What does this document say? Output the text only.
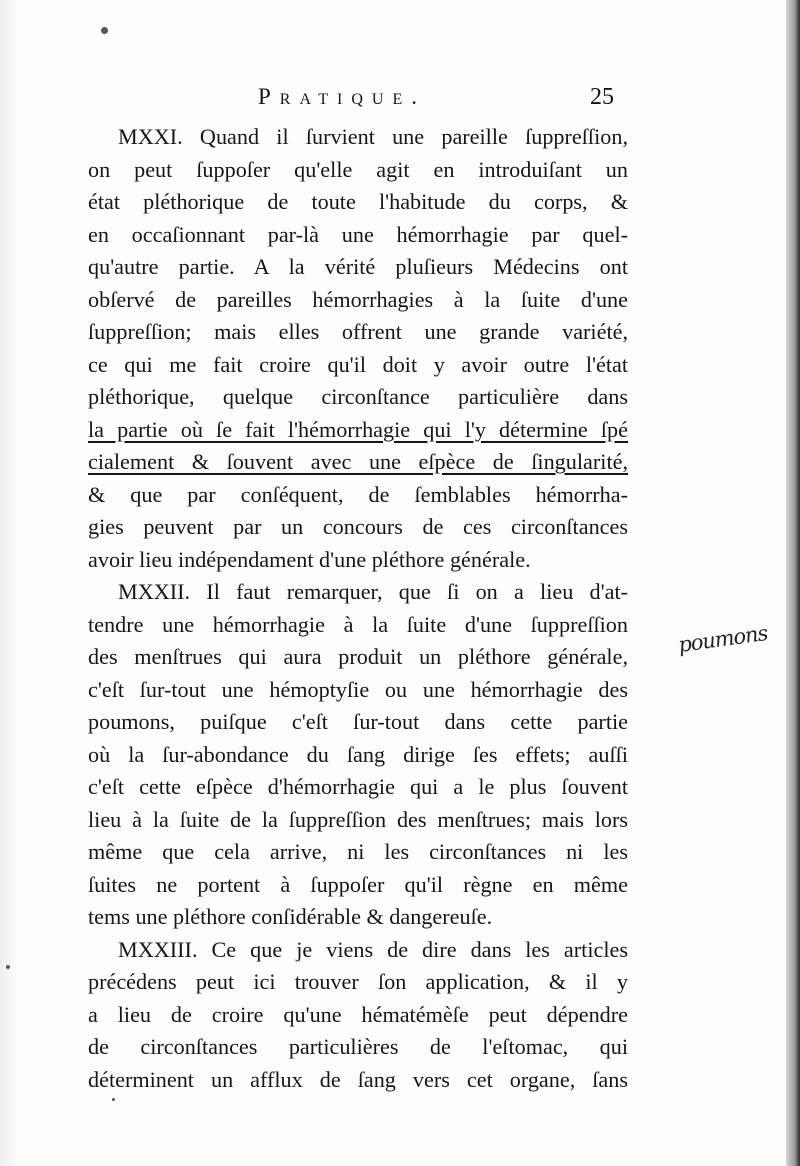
Pratique.	25
MXXI. Quand il ſurvient une pareille ſuppreſſion,
on peut ſuppoſer qu'elle agit en introduiſant un
état pléthorique de toute l'habitude du corps, &
en occaſionnant par-là une hémorrhagie par quel-
qu'autre partie. A la vérité pluſieurs Médecins ont
obſervé de pareilles hémorrhagies à la ſuite d'une
ſuppreſſion; mais elles offrent une grande variété,
ce qui me fait croire qu'il doit y avoir outre l'état
pléthorique, quelque circonſtance particulière dans
la partie où ſe fait l'hémorrhagie qui l'y détermine ſpé
cialement & ſouvent avec une eſpèce de ſingularité,
& que par conſéquent, de ſemblables hémorrha-
gies peuvent par un concours de ces circonſtances
avoir lieu indépendament d'une pléthore générale.
MXXII. Il faut remarquer, que ſi on a lieu d'at-
tendre une hémorrhagie à la ſuite d'une ſuppreſſion
des menſtrues qui aura produit un pléthore générale,
c'eſt ſur-tout une hémoptyſie ou une hémorrhagie des
poumons, puiſque c'eſt ſur-tout dans cette partie
où la ſur-abondance du ſang dirige ſes effets; auſſi
c'eſt cette eſpèce d'hémorrhagie qui a le plus ſouvent
lieu à la ſuite de la ſuppreſſion des menſtrues; mais lors
même que cela arrive, ni les circonſtances ni les
ſuites ne portent à ſuppoſer qu'il règne en même
tems une pléthore conſidérable & dangereuſe.
MXXIII. Ce que je viens de dire dans les articles
précédens peut ici trouver ſon application, & il y
a lieu de croire qu'une hématémèſe peut dépendre
de circonſtances particulières de l'eſtomac, qui
déterminent un afflux de ſang vers cet organe, ſans
poumons
